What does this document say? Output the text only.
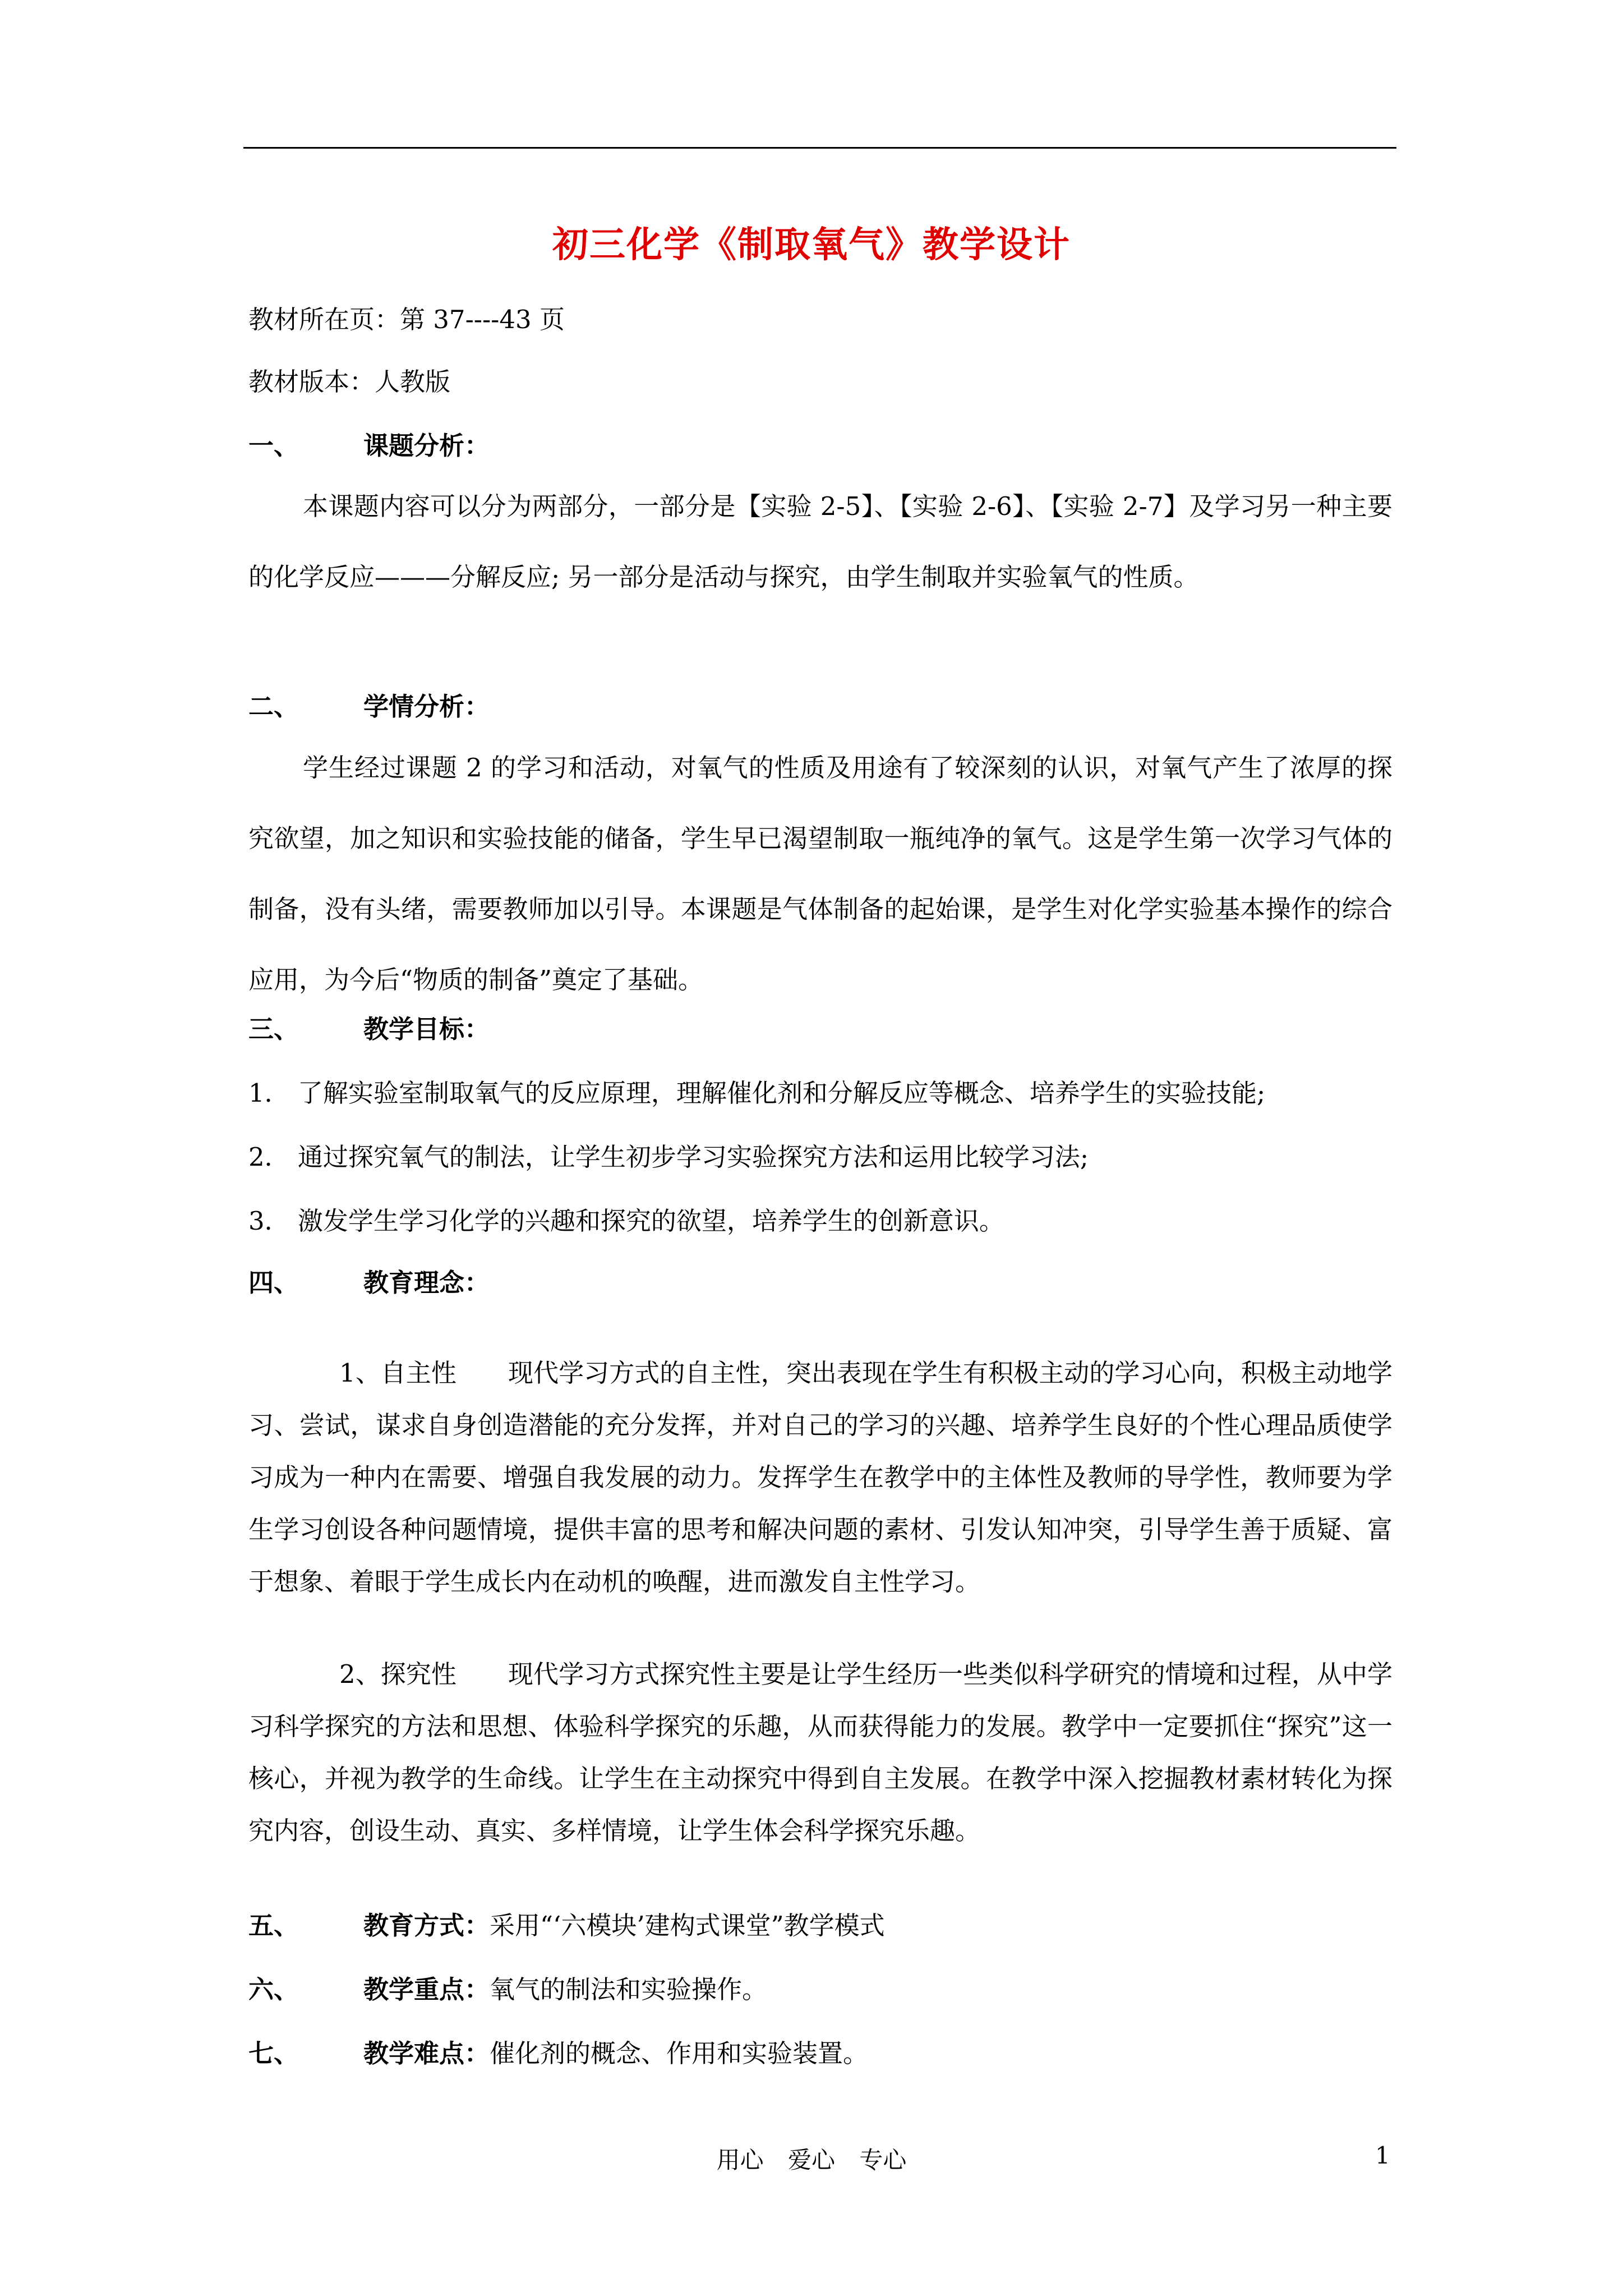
初三化学《制取氧气》教学设计
教材所在页：第 37----43 页
教材版本：人教版
一、	课题分析：
本课题内容可以分为两部分，一部分是【实验 2-5】、【实验 2-6】、【实验 2-7】及学习另一种主要的化学反应———分解反应; 另一部分是活动与探究，由学生制取并实验氧气的性质。
二、	学情分析：
学生经过课题 2 的学习和活动，对氧气的性质及用途有了较深刻的认识，对氧气产生了浓厚的探究欲望，加之知识和实验技能的储备，学生早已渴望制取一瓶纯净的氧气。这是学生第一次学习气体的制备，没有头绪，需要教师加以引导。本课题是气体制备的起始课，是学生对化学实验基本操作的综合应用，为今后“物质的制备”奠定了基础。
三、	教学目标：
1． 了解实验室制取氧气的反应原理，理解催化剂和分解反应等概念、培养学生的实验技能;
2． 通过探究氧气的制法，让学生初步学习实验探究方法和运用比较学习法;
3． 激发学生学习化学的兴趣和探究的欲望，培养学生的创新意识。
四、	教育理念：
1、自主性 现代学习方式的自主性，突出表现在学生有积极主动的学习心向，积极主动地学习、尝试，谋求自身创造潜能的充分发挥，并对自己的学习的兴趣、培养学生良好的个性心理品质使学习成为一种内在需要、增强自我发展的动力。发挥学生在教学中的主体性及教师的导学性，教师要为学生学习创设各种问题情境，提供丰富的思考和解决问题的素材、引发认知冲突，引导学生善于质疑、富于想象、着眼于学生成长内在动机的唤醒，进而激发自主性学习。
2、探究性 现代学习方式探究性主要是让学生经历一些类似科学研究的情境和过程，从中学习科学探究的方法和思想、体验科学探究的乐趣，从而获得能力的发展。教学中一定要抓住“探究”这一核心，并视为教学的生命线。让学生在主动探究中得到自主发展。在教学中深入挖掘教材素材转化为探究内容，创设生动、真实、多样情境，让学生体会科学探究乐趣。
五、	教育方式：采用“‘六模块’建构式课堂”教学模式
六、	教学重点：氧气的制法和实验操作。
七、	教学难点：催化剂的概念、作用和实验装置。
用心 爱心 专心	1
